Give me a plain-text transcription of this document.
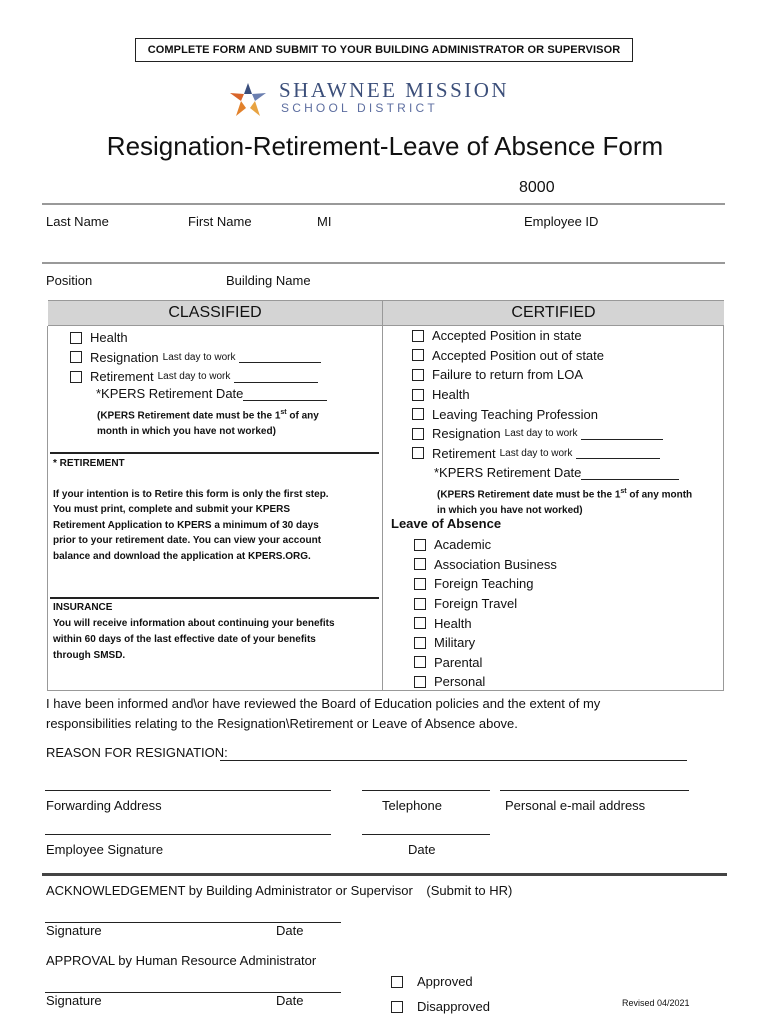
COMPLETE FORM AND SUBMIT TO YOUR BUILDING ADMINISTRATOR OR SUPERVISOR
SHAWNEE MISSION
SCHOOL DISTRICT
Resignation-Retirement-Leave of Absence Form
8000
Last Name	First Name	MI	Employee ID
Position	Building Name
CLASSIFIED	CERTIFIED
Health
Resignation Last day to work
Retirement Last day to work
*KPERS Retirement Date
(KPERS Retirement date must be the 1st of any
month in which you have not worked)
* RETIREMENT
If your intention is to Retire this form is only the first step.
You must print, complete and submit your KPERS
Retirement Application to KPERS a minimum of 30 days
prior to your retirement date. You can view your account
balance and download the application at KPERS.ORG.
INSURANCE
You will receive information about continuing your benefits
within 60 days of the last effective date of your benefits
through SMSD.
Accepted Position in state
Accepted Position out of state
Failure to return from LOA
Health
Leaving Teaching Profession
Resignation Last day to work
Retirement Last day to work
*KPERS Retirement Date
(KPERS Retirement date must be the 1st of any month
in which you have not worked)
Leave of Absence
Academic
Association Business
Foreign Teaching
Foreign Travel
Health
Military
Parental
Personal
I have been informed and\or have reviewed the Board of Education policies and the extent of my
responsibilities relating to the Resignation\Retirement or Leave of Absence above.
REASON FOR RESIGNATION:
Forwarding Address	Telephone	Personal e-mail address
Employee Signature	Date
ACKNOWLEDGEMENT by Building Administrator or Supervisor (Submit to HR)
Signature	Date
APPROVAL by Human Resource Administrator
Signature	Date
Approved
Disapproved	Revised 04/2021
